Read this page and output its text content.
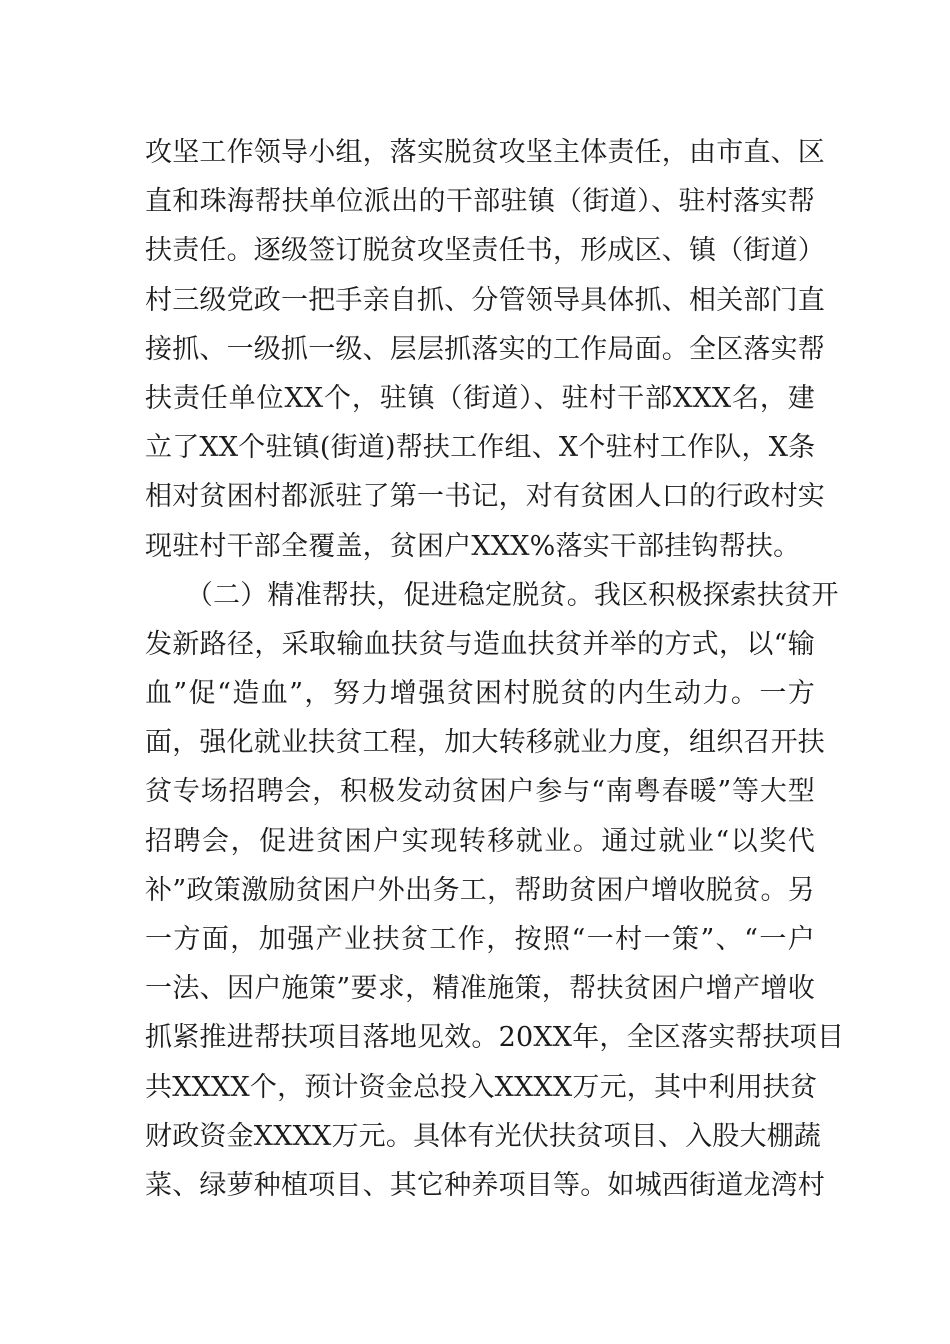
攻坚工作领导小组，落实脱贫攻坚主体责任，由市直、区
直和珠海帮扶单位派出的干部驻镇（街道）、驻村落实帮
扶责任。逐级签订脱贫攻坚责任书，形成区、镇（街道）
村三级党政一把手亲自抓、分管领导具体抓、相关部门直
接抓、一级抓一级、层层抓落实的工作局面。全区落实帮
扶责任单位XX个，驻镇（街道）、驻村干部XXX名，建
立了XX个驻镇(街道)帮扶工作组、X个驻村工作队，X条
相对贫困村都派驻了第一书记，对有贫困人口的行政村实
现驻村干部全覆盖，贫困户XXX%落实干部挂钩帮扶。
　　（二）精准帮扶，促进稳定脱贫。我区积极探索扶贫开
发新路径，采取输血扶贫与造血扶贫并举的方式，以“输
血”促“造血”，努力增强贫困村脱贫的内生动力。一方
面，强化就业扶贫工程，加大转移就业力度，组织召开扶
贫专场招聘会，积极发动贫困户参与“南粤春暖”等大型
招聘会，促进贫困户实现转移就业。通过就业“以奖代
补”政策激励贫困户外出务工，帮助贫困户增收脱贫。另
一方面，加强产业扶贫工作，按照“一村一策”、“一户
一法、因户施策”要求，精准施策，帮扶贫困户增产增收
抓紧推进帮扶项目落地见效。20XX年，全区落实帮扶项目
共XXXX个，预计资金总投入XXXX万元，其中利用扶贫
财政资金XXXX万元。具体有光伏扶贫项目、入股大棚蔬
菜、绿萝种植项目、其它种养项目等。如城西街道龙湾村
